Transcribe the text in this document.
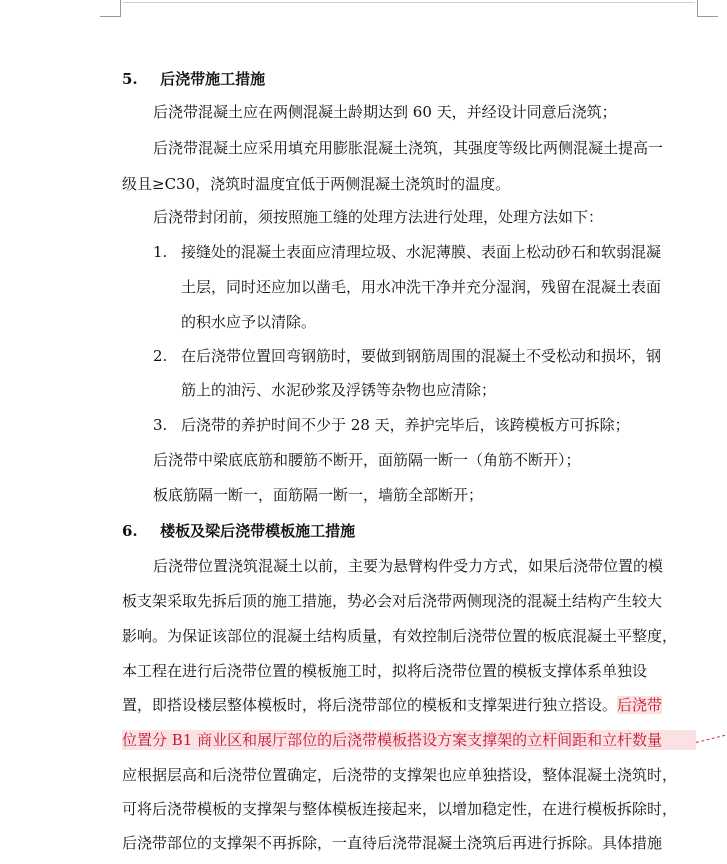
5. 后浇带施工措施
后浇带混凝土应在两侧混凝土龄期达到 60 天，并经设计同意后浇筑；
后浇带混凝土应采用填充用膨胀混凝土浇筑，其强度等级比两侧混凝土提高一
级且≥C30，浇筑时温度宜低于两侧混凝土浇筑时的温度。
后浇带封闭前，须按照施工缝的处理方法进行处理，处理方法如下：
1. 接缝处的混凝土表面应清理垃圾、水泥薄膜、表面上松动砂石和软弱混凝
土层，同时还应加以凿毛，用水冲洗干净并充分湿润，残留在混凝土表面
的积水应予以清除。
2. 在后浇带位置回弯钢筋时，要做到钢筋周围的混凝土不受松动和损坏，钢
筋上的油污、水泥砂浆及浮锈等杂物也应清除；
3. 后浇带的养护时间不少于 28 天，养护完毕后，该跨模板方可拆除；
后浇带中梁底底筋和腰筋不断开，面筋隔一断一（角筋不断开）；
板底筋隔一断一，面筋隔一断一，墙筋全部断开；
6. 楼板及梁后浇带模板施工措施
后浇带位置浇筑混凝土以前，主要为悬臂构件受力方式，如果后浇带位置的模
板支架采取先拆后顶的施工措施，势必会对后浇带两侧现浇的混凝土结构产生较大
影响。为保证该部位的混凝土结构质量，有效控制后浇带位置的板底混凝土平整度，
本工程在进行后浇带位置的模板施工时，拟将后浇带位置的模板支撑体系单独设
置，即搭设楼层整体模板时，将后浇带部位的模板和支撑架进行独立搭设。后浇带
位置分 B1 商业区和展厅部位的后浇带模板搭设方案支撑架的立杆间距和立杆数量
应根据层高和后浇带位置确定，后浇带的支撑架也应单独搭设，整体混凝土浇筑时，
可将后浇带模板的支撑架与整体模板连接起来，以增加稳定性，在进行模板拆除时，
后浇带部位的支撑架不再拆除，一直待后浇带混凝土浇筑后再进行拆除。具体措施
